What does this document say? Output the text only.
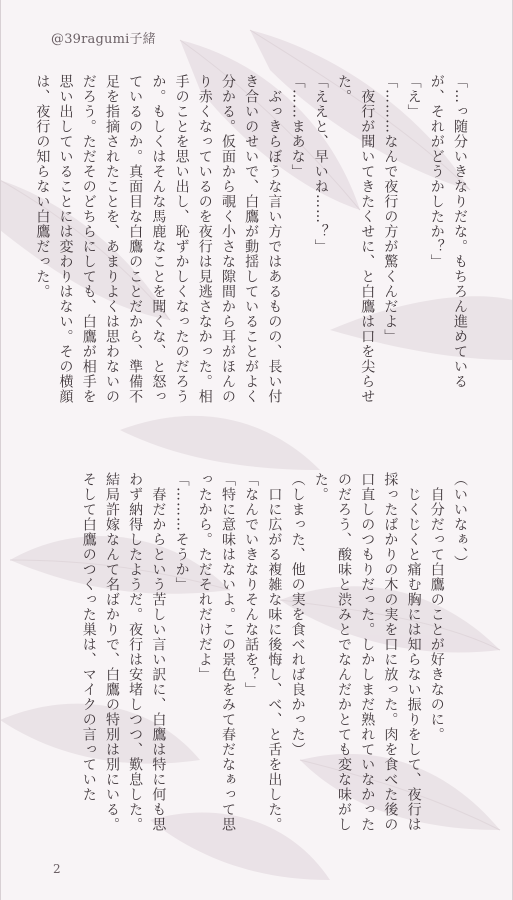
@39ragumi子緒

「…っ随分いきなりだな。もちろん進めているが、それがどうかしたか？」

「え」

「………なんで夜行の方が驚くんだよ」

　夜行が聞いてきたくせに、と白鷹は口を尖らせた。

「ええと、早いね……？」

「……まあな」

　ぶっきらぼうな言い方ではあるものの、長い付き合いのせいで、白鷹が動揺していることがよく分かる。仮面から覗く小さな隙間から耳がほんのり赤くなっているのを夜行は見逃さなかった。相手のことを思い出し、恥ずかしくなったのだろうか。もしくはそんな馬鹿なことを聞くな、と怒っているのか。真面目な白鷹のことだから、準備不足を指摘されたことを、あまりよくは思わないのだろう。ただそのどちらにしても、白鷹が相手を思い出していることには変わりはない。その横顔は、夜行の知らない白鷹だった。

（いいなぁ、）

　自分だって白鷹のことが好きなのに。

　じくじくと痛む胸には知らない振りをして、夜行は採ったばかりの木の実を口に放った。肉を食べた後の口直しのつもりだった。しかしまだ熟れていなかったのだろう、酸味と渋みとでなんだかとても変な味がした。

（しまった、他の実を食べれば良かった）

　口に広がる複雑な味に後悔し、べ、と舌を出した。

「なんでいきなりそんな話を？」

「特に意味はないよ。この景色をみて春だなぁって思ったから。ただそれだけだよ」

「………そうか」

　春だからという苦しい言い訳に、白鷹は特に何も思わず納得したようだ。夜行は安堵しつつ、歎息した。結局許嫁なんて名ばかりで、白鷹の特別は別にいる。そして白鷹のつくった巣は、マイクの言っていた

2
